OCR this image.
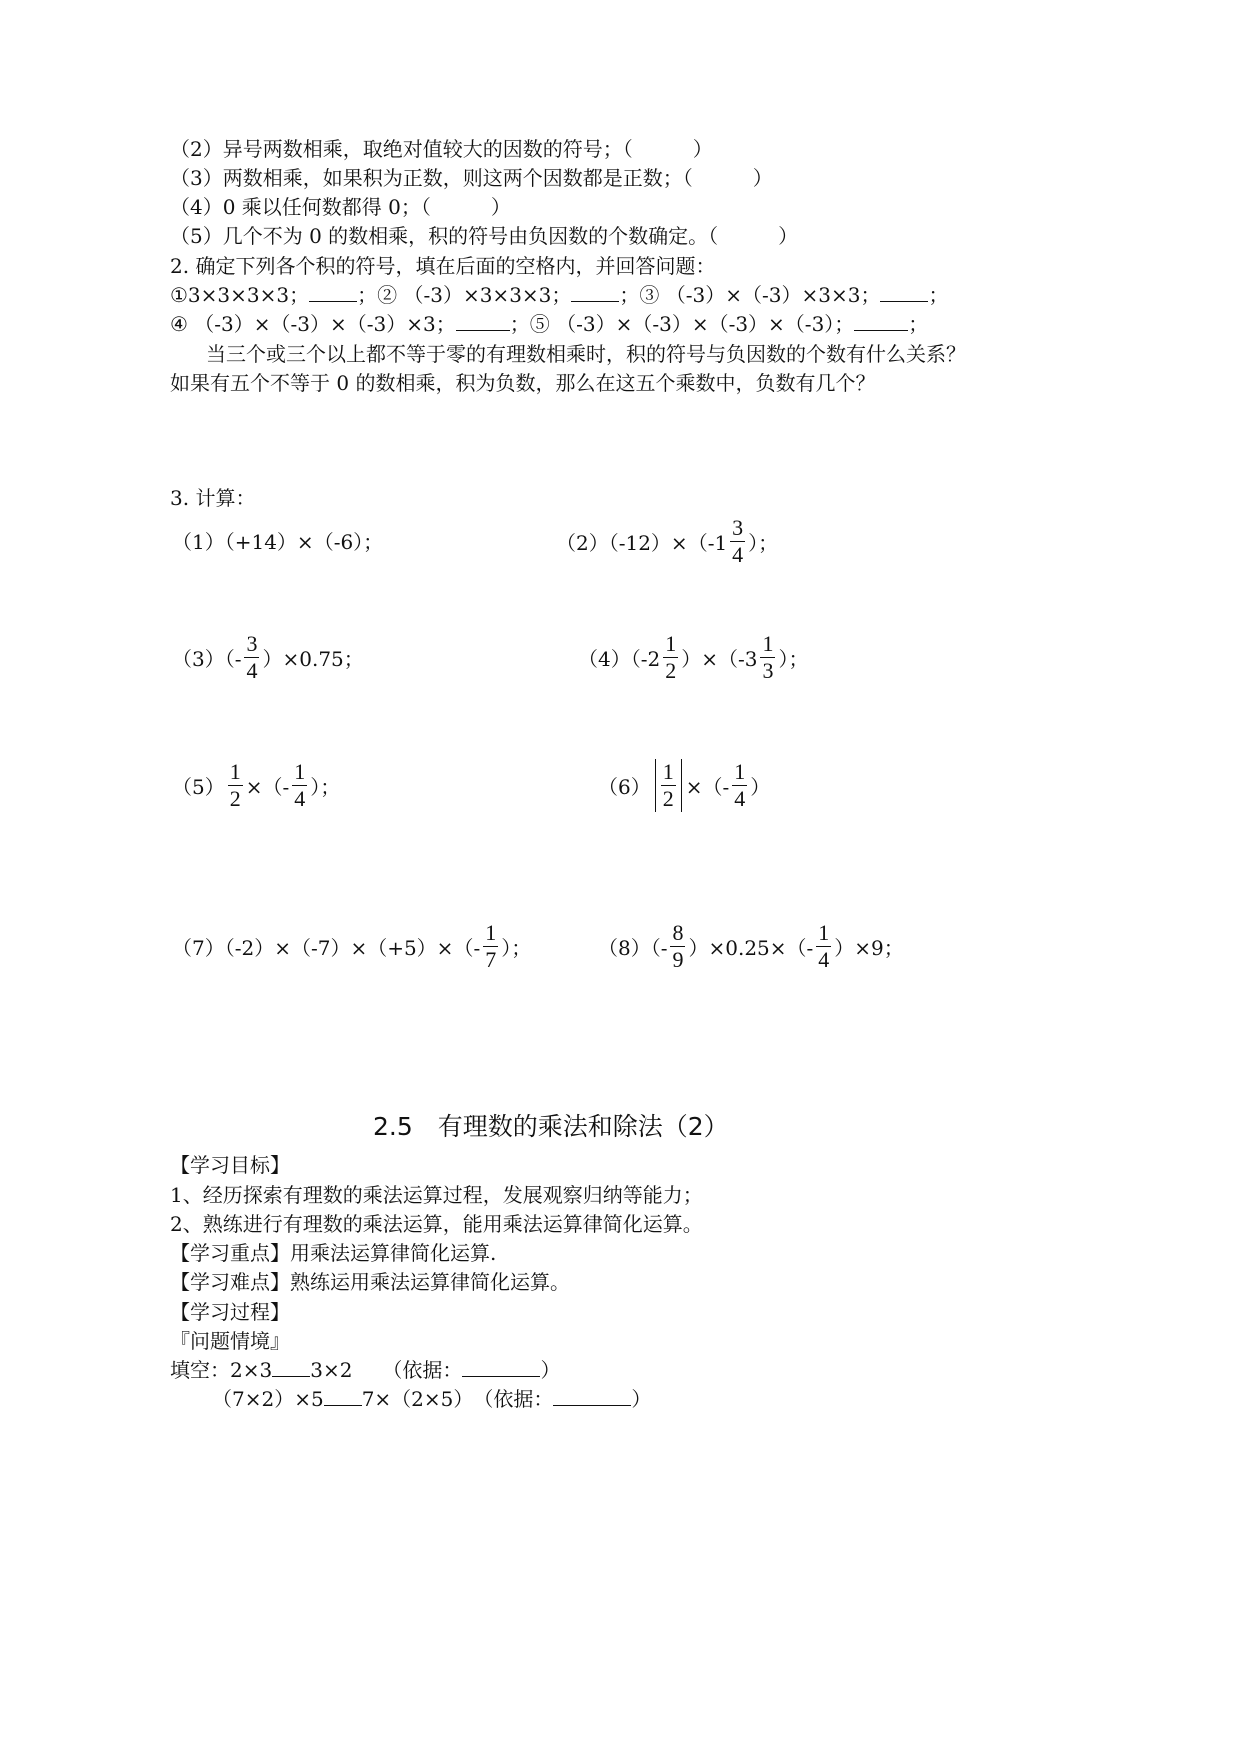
（2）异号两数相乘，取绝对值较大的因数的符号；（　　　）
（3）两数相乘，如果积为正数，则这两个因数都是正数；（　　　）
（4）0 乘以任何数都得 0；（　　　）
（5）几个不为 0 的数相乘，积的符号由负因数的个数确定。（　　　）
2. 确定下列各个积的符号，填在后面的空格内，并回答问题：
①3×3×3×3； ；② （-3）×3×3×3； ；③ （-3）×（-3）×3×3； ；
④ （-3）×（-3）×（-3）×3；	；⑤ （-3）×（-3）×（-3）×（-3）；	；
当三个或三个以上都不等于零的有理数相乘时，积的符号与负因数的个数有什么关系？
如果有五个不等于 0 的数相乘，积为负数，那么在这五个乘数中，负数有几个？
3. 计算：
（1）（+14）×（-6）；	$(2)(-12)\times(-1 \frac{3}{4}$ ）；
$(3)(- \frac{3}{4} )\times 0.75$；	$(4)(-2 \frac{1}{2} )\times(-3 \frac{1}{3}$ ）；
$(5) \frac{1}{2}$ ×（- $\frac{1}{4}$ ）；	$(6) \frac{1}{2}$ ×（- $\frac{1}{4}$ ）
$(7)(-2)\times(-7)\times(+5)\times(- \frac{1}{7}$ ）；	$(8)(- \frac{8}{9} )\times 0.25\times(- \frac{1}{4} )\times 9$；
2.5　有理数的乘法和除法（2）
【学习目标】
1、经历探索有理数的乘法运算过程，发展观察归纳等能力；
2、熟练进行有理数的乘法运算，能用乘法运算律简化运算。
【学习重点】用乘法运算律简化运算.
【学习难点】熟练运用乘法运算律简化运算。
【学习过程】
『问题情境』
填空：2×3 3×2　　（依据：	）
（7×2）×5 7×（2×5）　（依据：	）
